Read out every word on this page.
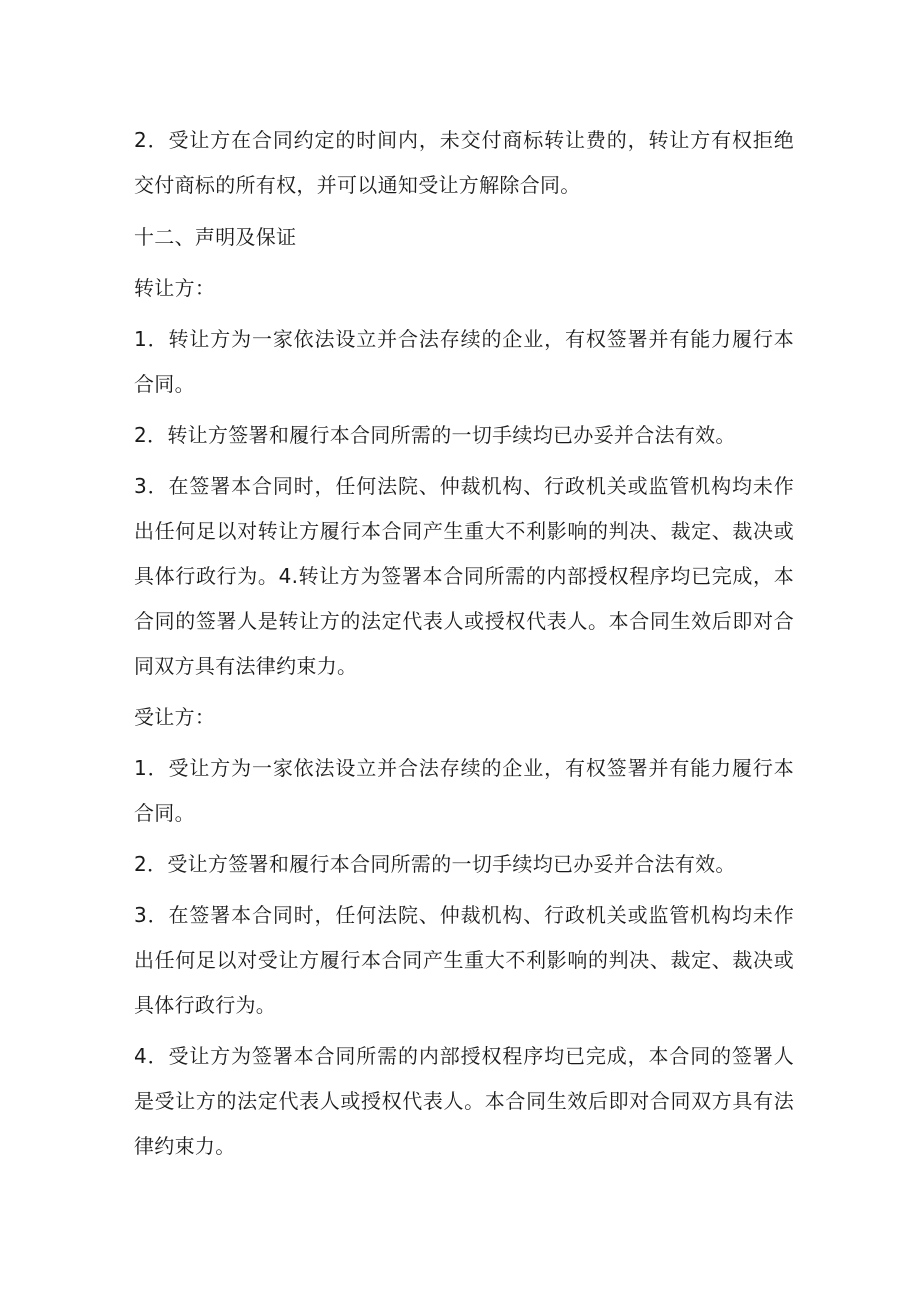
2．受让方在合同约定的时间内，未交付商标转让费的，转让方有权拒绝交付商标的所有权，并可以通知受让方解除合同。

十二、声明及保证

转让方：

1．转让方为一家依法设立并合法存续的企业，有权签署并有能力履行本合同。

2．转让方签署和履行本合同所需的一切手续均已办妥并合法有效。

3．在签署本合同时，任何法院、仲裁机构、行政机关或监管机构均未作出任何足以对转让方履行本合同产生重大不利影响的判决、裁定、裁决或具体行政行为。4.转让方为签署本合同所需的内部授权程序均已完成，本合同的签署人是转让方的法定代表人或授权代表人。本合同生效后即对合同双方具有法律约束力。

受让方：

1．受让方为一家依法设立并合法存续的企业，有权签署并有能力履行本合同。

2．受让方签署和履行本合同所需的一切手续均已办妥并合法有效。

3．在签署本合同时，任何法院、仲裁机构、行政机关或监管机构均未作出任何足以对受让方履行本合同产生重大不利影响的判决、裁定、裁决或具体行政行为。

4．受让方为签署本合同所需的内部授权程序均已完成，本合同的签署人是受让方的法定代表人或授权代表人。本合同生效后即对合同双方具有法律约束力。
